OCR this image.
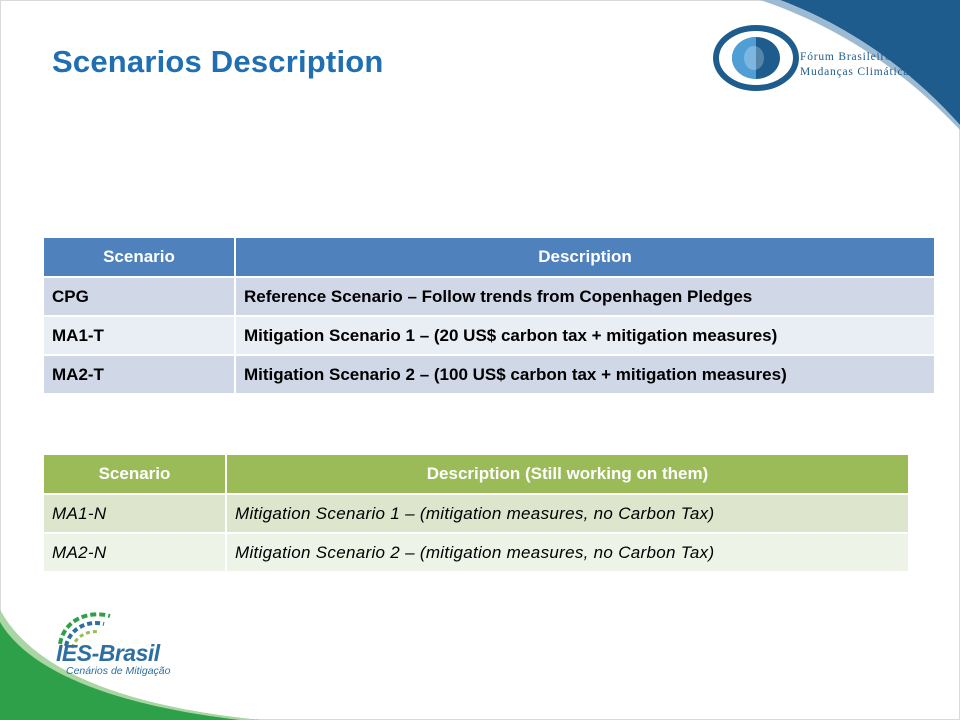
Scenarios Description	Fórum Brasileiro de
Mudanças Climáticas
IES-Brasil
Cenários de Mitigação
Scenario	Description
CPG	Reference Scenario – Follow trends from Copenhagen Pledges
MA1-T	Mitigation Scenario 1 – (20 US$ carbon tax + mitigation measures)
MA2-T	Mitigation Scenario 2 – (100 US$ carbon tax + mitigation measures)
Scenario	Description (Still working on them)
MA1-N	Mitigation Scenario 1 – (mitigation measures, no Carbon Tax)
MA2-N	Mitigation Scenario 2 – (mitigation measures, no Carbon Tax)
